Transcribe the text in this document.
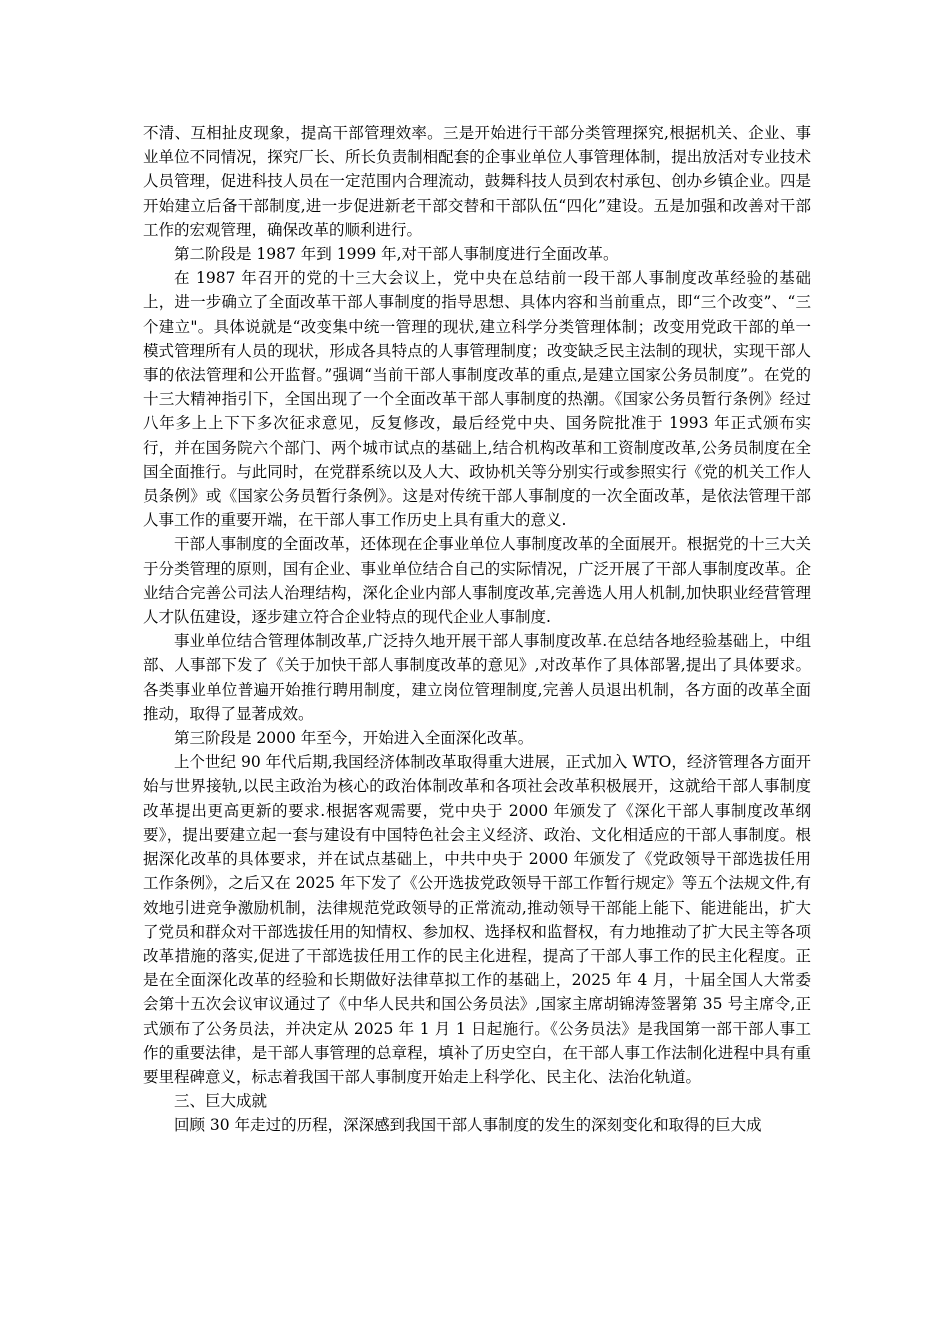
不清、互相扯皮现象，提高干部管理效率。三是开始进行干部分类管理探究,根据机关、企业、事业单位不同情况，探究厂长、所长负责制相配套的企事业单位人事管理体制，提出放活对专业技术人员管理，促进科技人员在一定范围内合理流动，鼓舞科技人员到农村承包、创办乡镇企业。四是开始建立后备干部制度,进一步促进新老干部交替和干部队伍“四化”建设。五是加强和改善对干部工作的宏观管理，确保改革的顺利进行。

第二阶段是 1987 年到 1999 年,对干部人事制度进行全面改革。

在 1987 年召开的党的十三大会议上，党中央在总结前一段干部人事制度改革经验的基础上，进一步确立了全面改革干部人事制度的指导思想、具体内容和当前重点，即“三个改变”、“三个建立"。具体说就是“改变集中统一管理的现状,建立科学分类管理体制；改变用党政干部的单一模式管理所有人员的现状，形成各具特点的人事管理制度；改变缺乏民主法制的现状，实现干部人事的依法管理和公开监督。”强调“当前干部人事制度改革的重点,是建立国家公务员制度”。在党的十三大精神指引下，全国出现了一个全面改革干部人事制度的热潮。《国家公务员暂行条例》经过八年多上上下下多次征求意见，反复修改，最后经党中央、国务院批准于 1993 年正式颁布实行，并在国务院六个部门、两个城市试点的基础上,结合机构改革和工资制度改革,公务员制度在全国全面推行。与此同时，在党群系统以及人大、政协机关等分别实行或参照实行《党的机关工作人员条例》或《国家公务员暂行条例》。这是对传统干部人事制度的一次全面改革，是依法管理干部人事工作的重要开端，在干部人事工作历史上具有重大的意义.

干部人事制度的全面改革，还体现在企事业单位人事制度改革的全面展开。根据党的十三大关于分类管理的原则，国有企业、事业单位结合自己的实际情况，广泛开展了干部人事制度改革。企业结合完善公司法人治理结构，深化企业内部人事制度改革,完善选人用人机制,加快职业经营管理人才队伍建设，逐步建立符合企业特点的现代企业人事制度.

事业单位结合管理体制改革,广泛持久地开展干部人事制度改革.在总结各地经验基础上，中组部、人事部下发了《关于加快干部人事制度改革的意见》,对改革作了具体部署,提出了具体要求。各类事业单位普遍开始推行聘用制度，建立岗位管理制度,完善人员退出机制，各方面的改革全面推动，取得了显著成效。

第三阶段是 2000 年至今，开始进入全面深化改革。

上个世纪 90 年代后期,我国经济体制改革取得重大进展，正式加入 WTO，经济管理各方面开始与世界接轨,以民主政治为核心的政治体制改革和各项社会改革积极展开，这就给干部人事制度改革提出更高更新的要求.根据客观需要，党中央于 2000 年颁发了《深化干部人事制度改革纲要》，提出要建立起一套与建设有中国特色社会主义经济、政治、文化相适应的干部人事制度。根据深化改革的具体要求，并在试点基础上，中共中央于 2000 年颁发了《党政领导干部选拔任用工作条例》，之后又在 2025 年下发了《公开选拔党政领导干部工作暂行规定》等五个法规文件,有效地引进竞争激励机制，法律规范党政领导的正常流动,推动领导干部能上能下、能进能出，扩大了党员和群众对干部选拔任用的知情权、参加权、选择权和监督权，有力地推动了扩大民主等各项改革措施的落实,促进了干部选拔任用工作的民主化进程，提高了干部人事工作的民主化程度。正是在全面深化改革的经验和长期做好法律草拟工作的基础上，2025 年 4 月，十届全国人大常委会第十五次会议审议通过了《中华人民共和国公务员法》,国家主席胡锦涛签署第 35 号主席令,正式颁布了公务员法，并决定从 2025 年 1 月 1 日起施行。《公务员法》是我国第一部干部人事工作的重要法律，是干部人事管理的总章程，填补了历史空白，在干部人事工作法制化进程中具有重要里程碑意义，标志着我国干部人事制度开始走上科学化、民主化、法治化轨道。

三、巨大成就

回顾 30 年走过的历程，深深感到我国干部人事制度的发生的深刻变化和取得的巨大成
